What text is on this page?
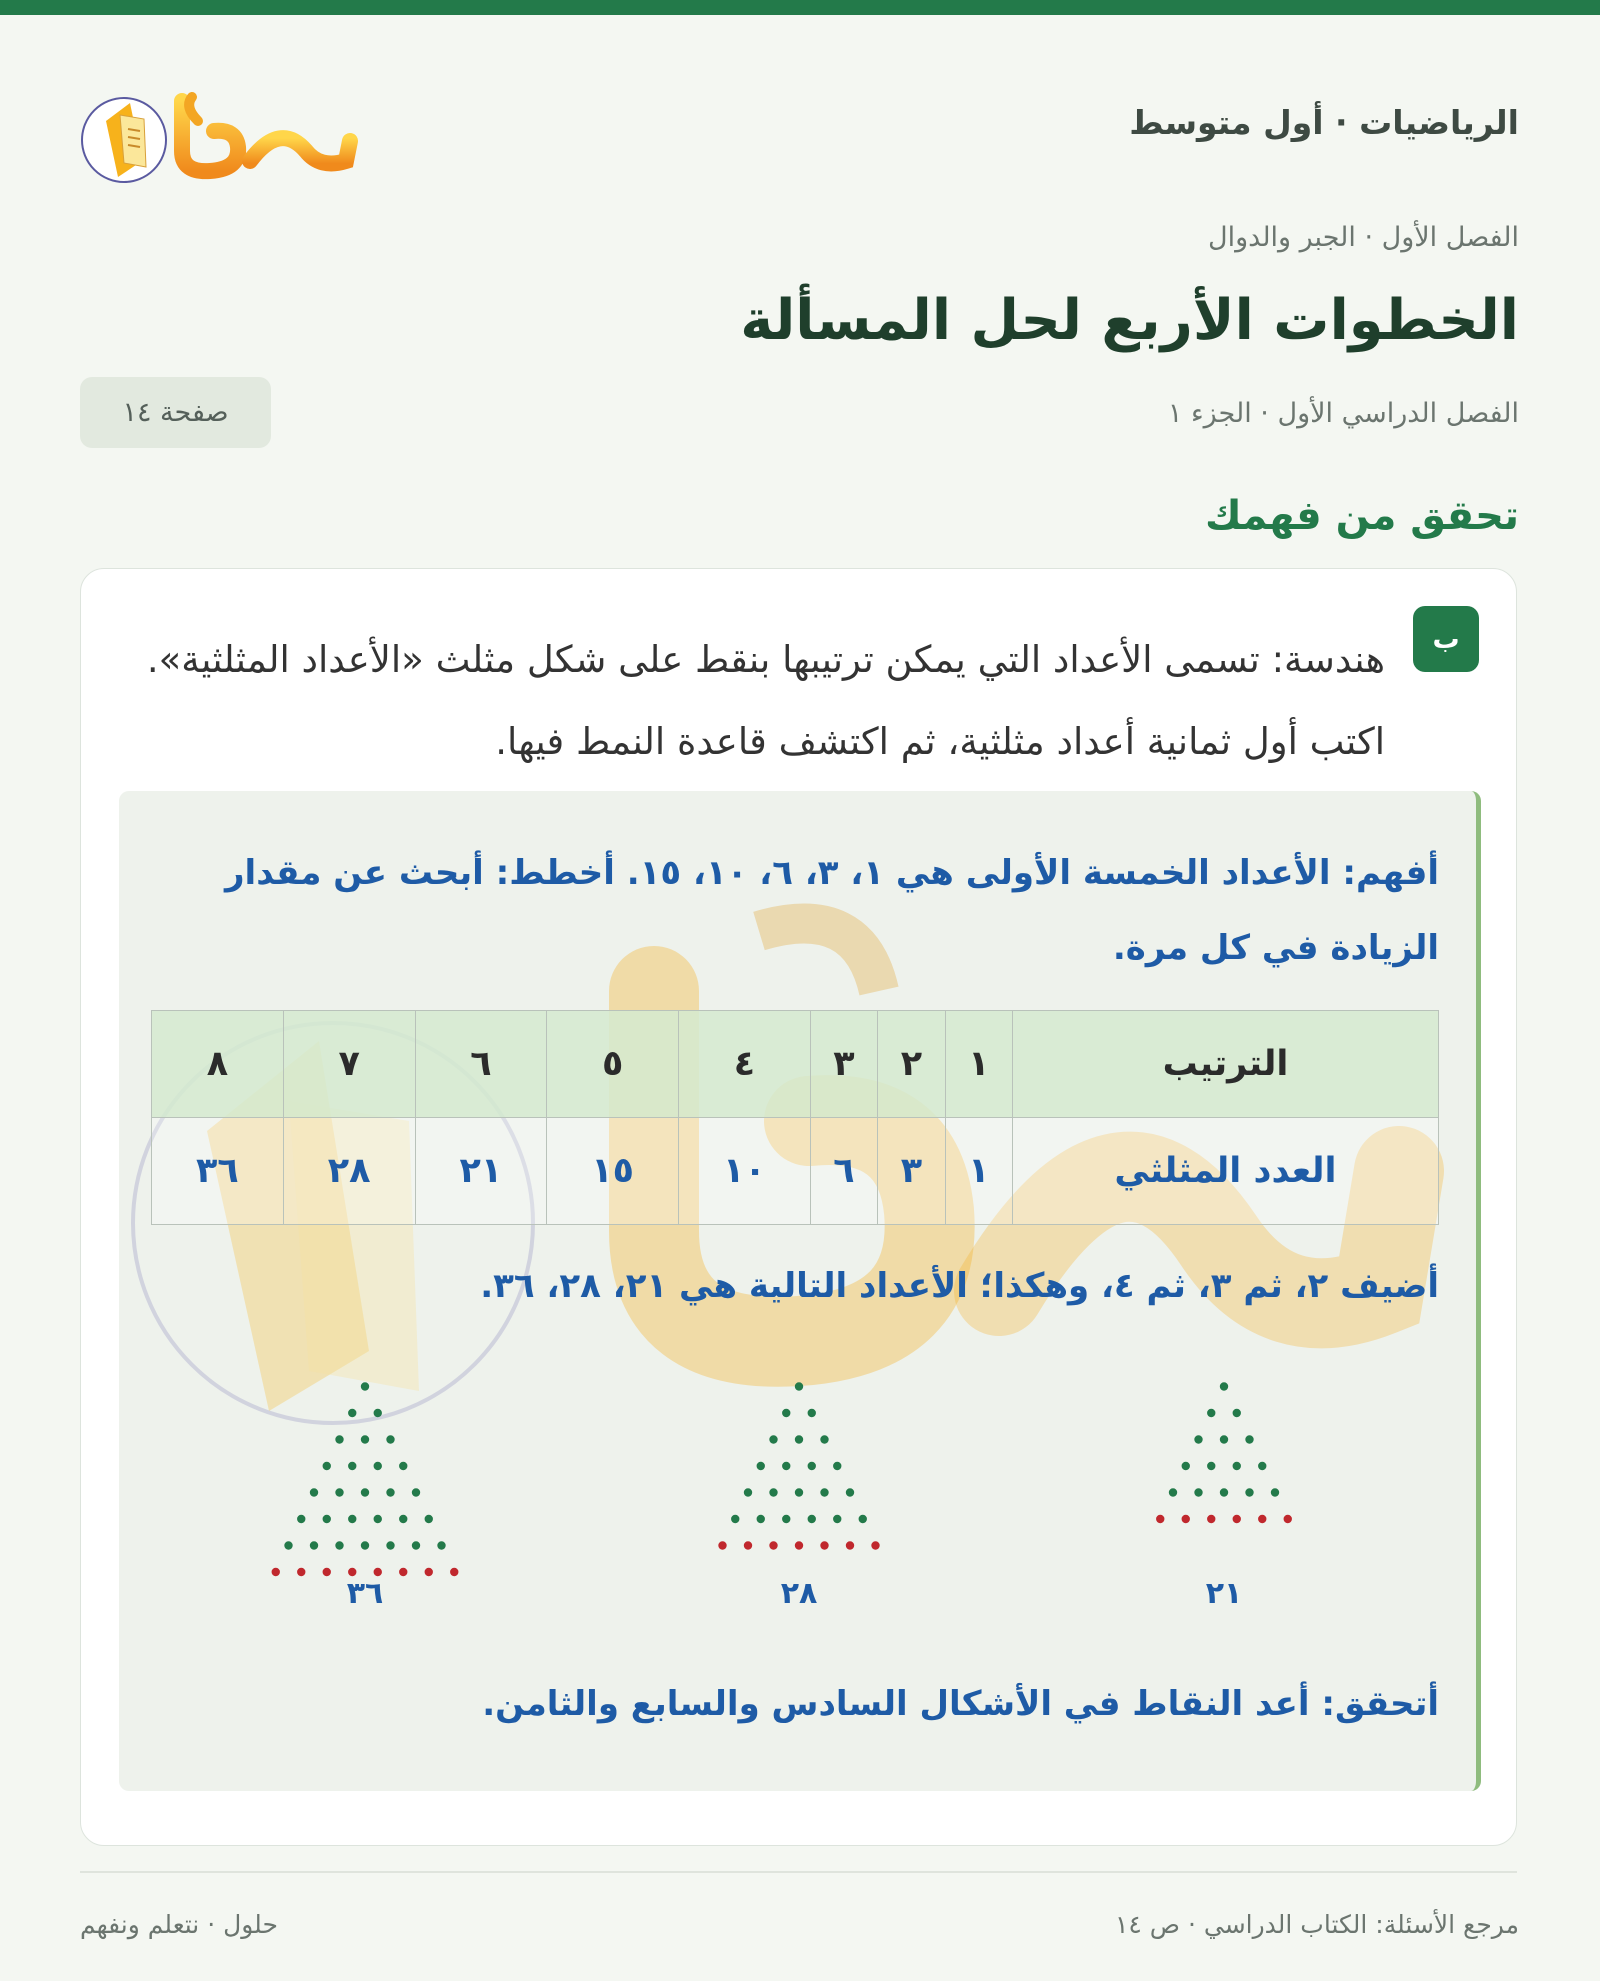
الرياضيات · أول متوسط
الفصل الأول · الجبر والدوال
الخطوات الأربع لحل المسألة
الفصل الدراسي الأول · الجزء ١
صفحة ١٤
تحقق من فهمك
ب
هندسة: تسمى الأعداد التي يمكن ترتيبها بنقط على شكل مثلث «الأعداد المثلثية». اكتب أول ثمانية أعداد مثلثية، ثم اكتشف قاعدة النمط فيها.
أفهم: الأعداد الخمسة الأولى هي ١، ٣، ٦، ١٠، ١٥. أخطط: أبحث عن مقدار الزيادة في كل مرة.
الترتيب	١	٢	٣	٤	٥	٦	٧	٨
العدد المثلثي	١	٣	٦	١٠	١٥	٢١	٢٨	٣٦
أضيف ٢، ثم ٣، ثم ٤، وهكذا؛ الأعداد التالية هي ٢١، ٢٨، ٣٦.
٢١
٢٨
٣٦
أتحقق: أعد النقاط في الأشكال السادس والسابع والثامن.
مرجع الأسئلة: الكتاب الدراسي · ص ١٤
حلول · نتعلم ونفهم
